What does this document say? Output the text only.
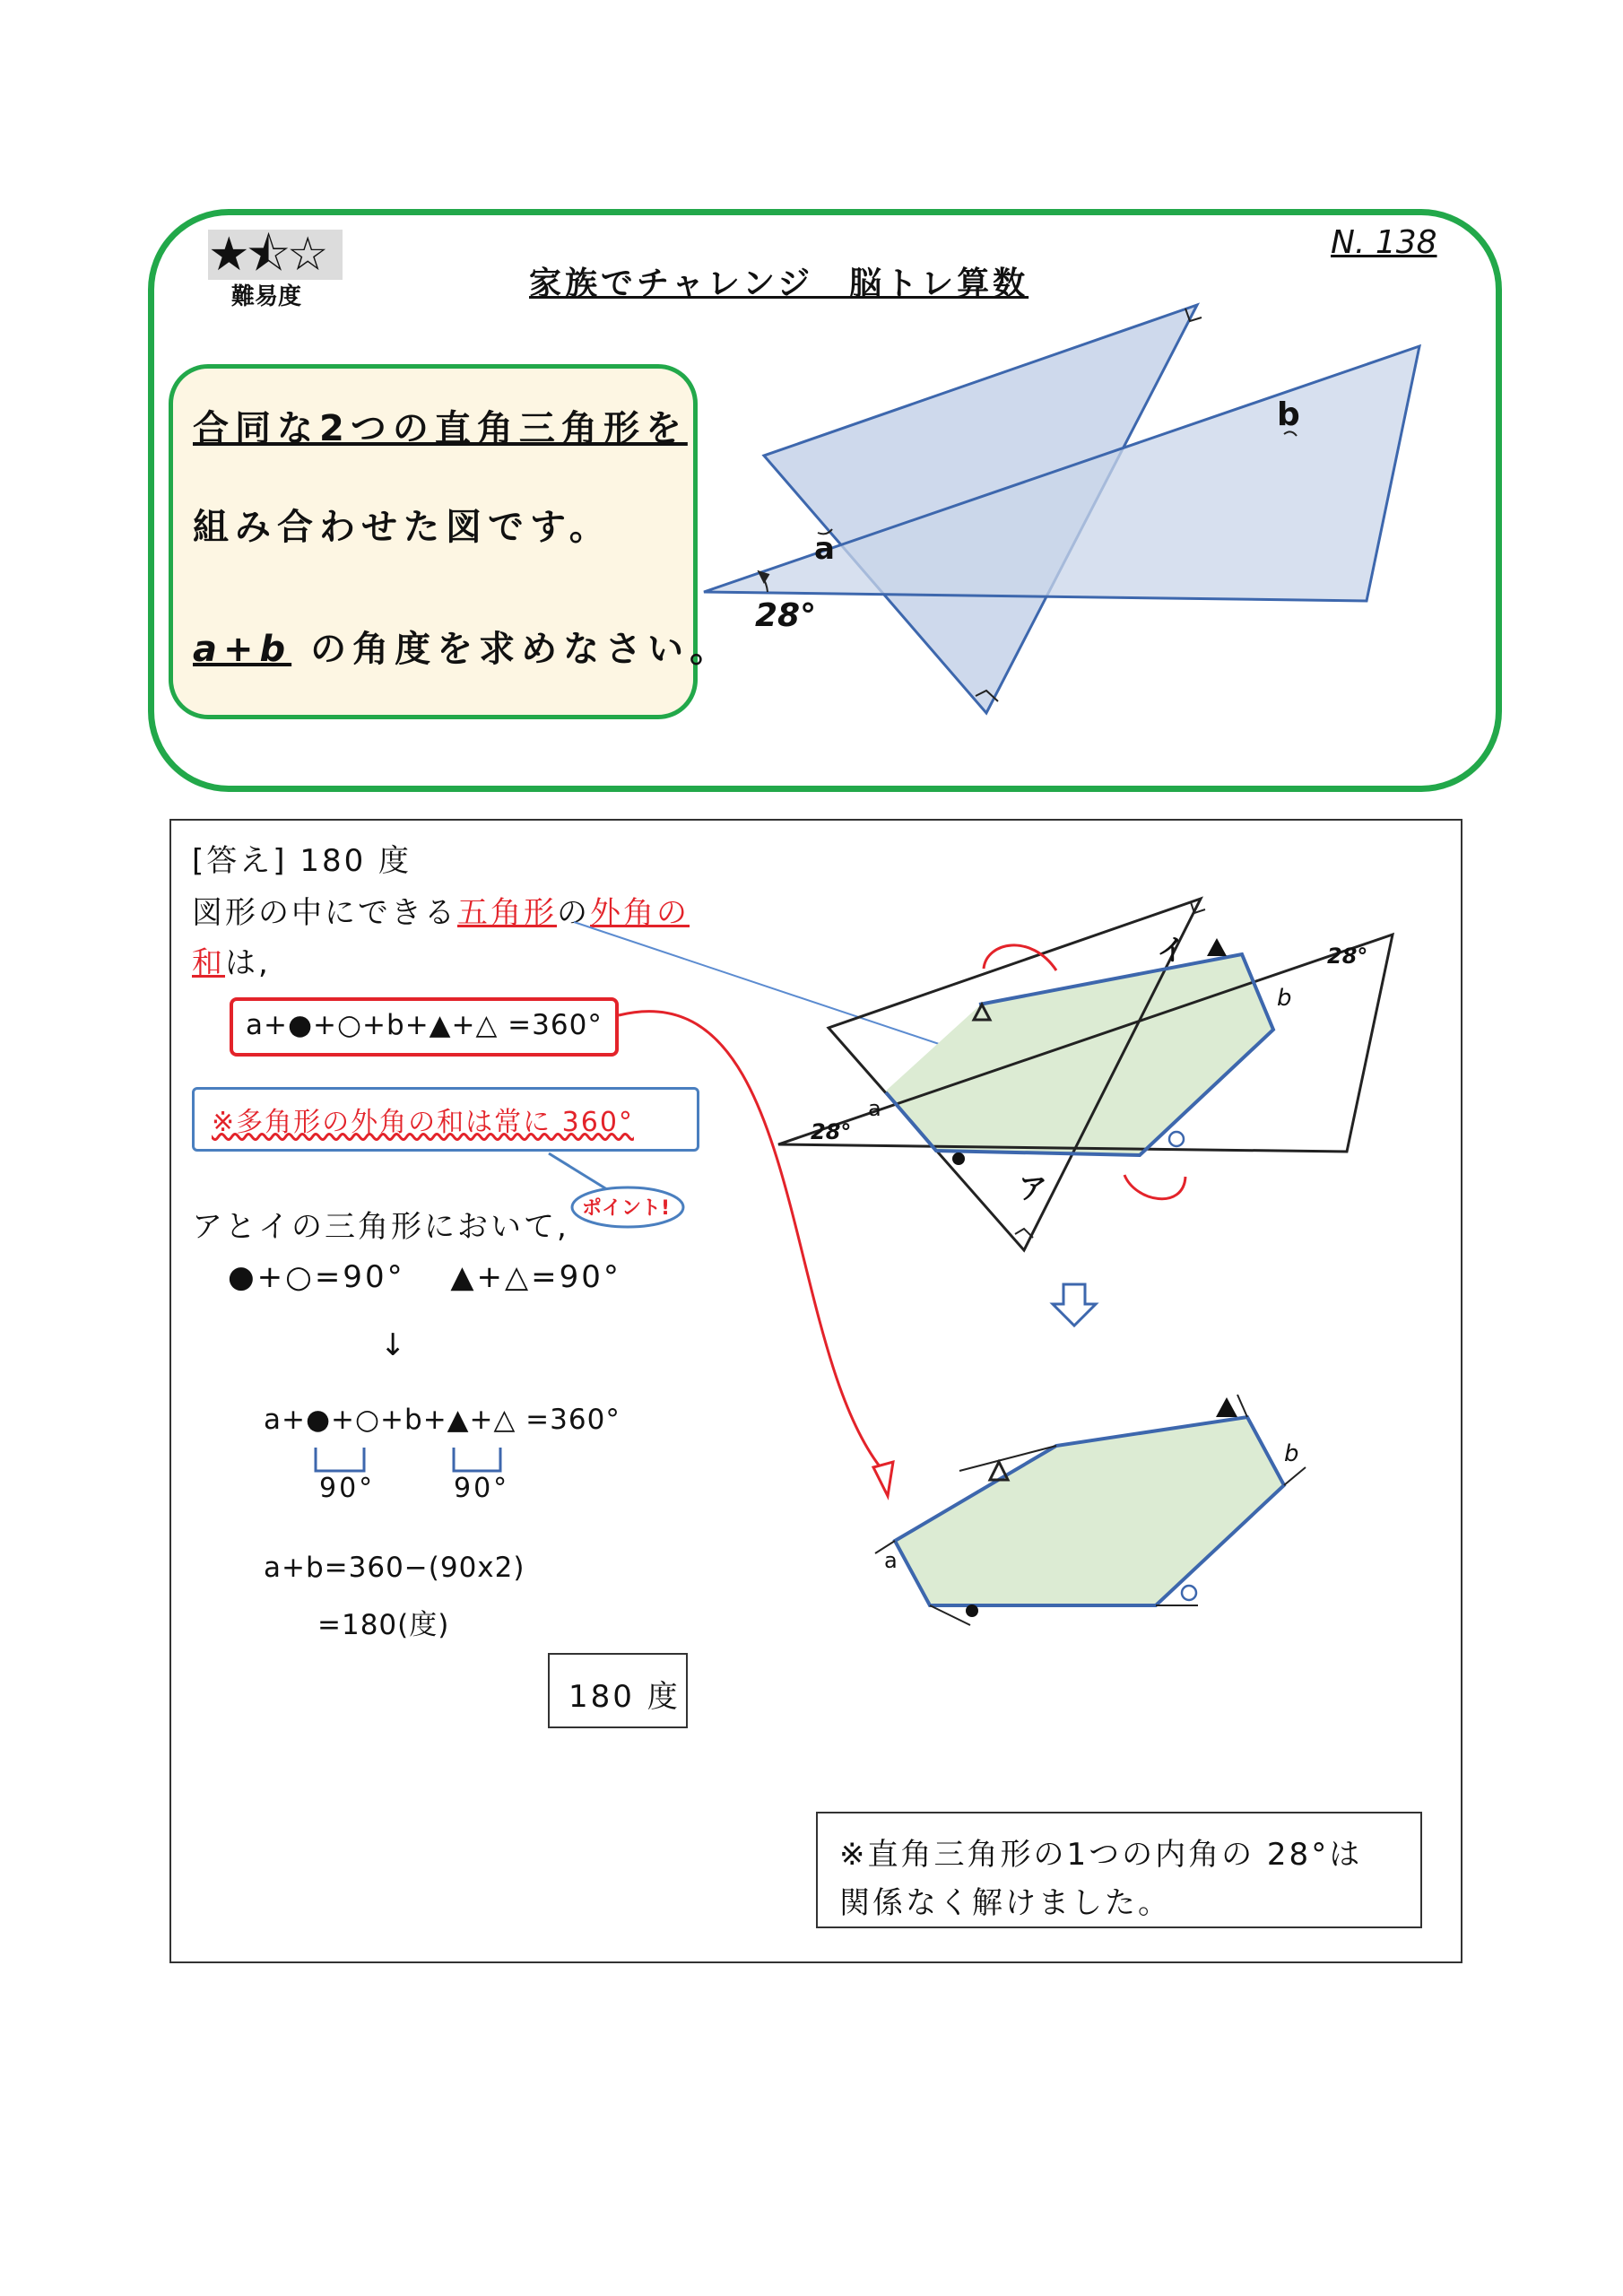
★⯪☆
難易度
N. 138
家族でチャレンジ　脳トレ算数
合同な2つの直角三角形を
組み合わせた図です。
a+b の角度を求めなさい。
a
b
28°
[答え] 180 度
図形の中にできる五角形の外角の
和は,
a+●+○+b+▲+△ =360°
※多角形の外角の和は常に 360°
ポイント!
アとイの三角形において,
●+○=90°　 ▲+△=90°
↓
a+●+○+b+▲+△ =360°
90°	90°
a+b=360−(90x2)
=180(度)
180 度
※直角三角形の1つの内角の 28°は
関係なく解けました。
イ
ア
28°
28°
a
b
a
b
